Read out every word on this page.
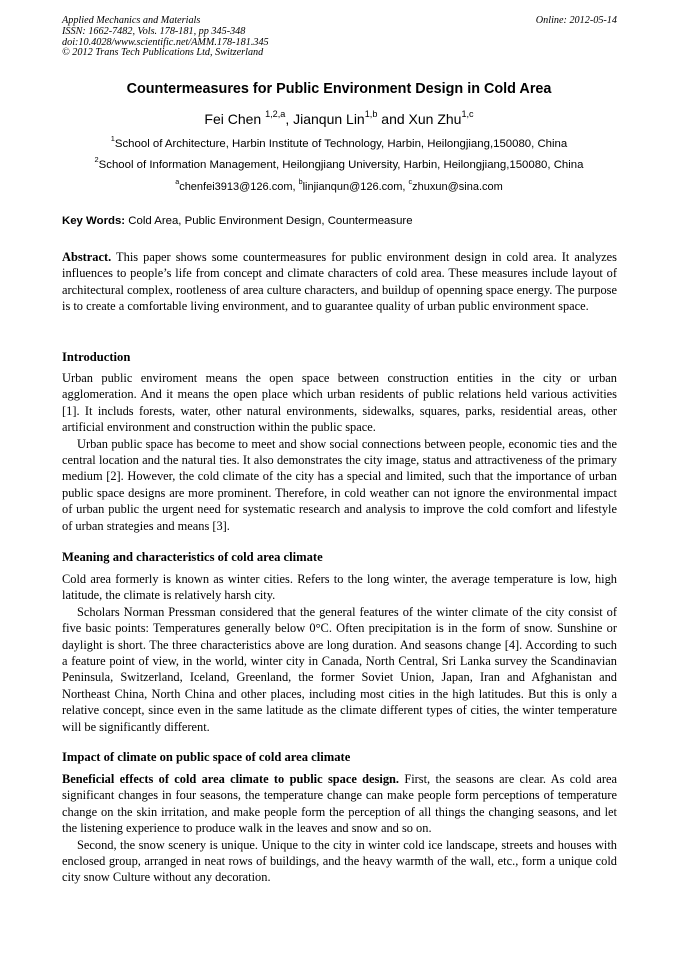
Applied Mechanics and Materials	Online: 2012-05-14
ISSN: 1662-7482, Vols. 178-181, pp 345-348
doi:10.4028/www.scientific.net/AMM.178-181.345
© 2012 Trans Tech Publications Ltd, Switzerland
Countermeasures for Public Environment Design in Cold Area
Fei Chen $^{1,2,a}$, Jianqun Lin$^{1,b}$ and Xun Zhu$^{1,c}$
$^1$School of Architecture, Harbin Institute of Technology, Harbin, Heilongjiang,150080, China
$^2$School of Information Management, Heilongjiang University, Harbin, Heilongjiang,150080, China
$^a$chenfei3913@126.com, $^b$linjianqun@126.com, $^c$zhuxun@sina.com
Key Words: Cold Area, Public Environment Design, Countermeasure

Abstract. This paper shows some countermeasures for public environment design in cold area. It analyzes influences to people’s life from concept and climate characters of cold area. These measures include layout of architectural complex, rootleness of area culture characters, and buildup of openning space energy. The purpose is to create a comfortable living environment, and to guarantee quality of urban public environment space.

Introduction

Urban public enviroment means the open space between construction entities in the city or urban agglomeration. And it means the open place which urban residents of public relations held various activities [1]. It includs forests, water, other natural environments, sidewalks, squares, parks, residential areas, other artificial environment and construction within the public space.

Urban public space has become to meet and show social connections between people, economic ties and the central location and the natural ties. It also demonstrates the city image, status and attractiveness of the primary medium [2]. However, the cold climate of the city has a special and limited, such that the importance of urban public space designs are more prominent. Therefore, in cold weather can not ignore the environmental impact of urban public the urgent need for systematic research and analysis to improve the cold comfort and lifestyle of urban strategies and means [3].

Meaning and characteristics of cold area climate

Cold area formerly is known as winter cities. Refers to the long winter, the average temperature is low, high latitude, the climate is relatively harsh city.

Scholars Norman Pressman considered that the general features of the winter climate of the city consist of five basic points: Temperatures generally below 0°C. Often precipitation is in the form of snow. Sunshine or daylight is short. The three characteristics above are long duration. And seasons change [4]. According to such a feature point of view, in the world, winter city in Canada, North Central, Sri Lanka survey the Scandinavian Peninsula, Switzerland, Iceland, Greenland, the former Soviet Union, Japan, Iran and Afghanistan and Northeast China, North China and other places, including most cities in the high latitudes. But this is only a relative concept, since even in the same latitude as the climate different types of cities, the winter temperature will be significantly different.

Impact of climate on public space of cold area climate

Beneficial effects of cold area climate to public space design. First, the seasons are clear. As cold area significant changes in four seasons, the temperature change can make people form perceptions of temperature change on the skin irritation, and make people form the perception of all things the changing seasons, and let the listening experience to produce walk in the leaves and snow and so on.

Second, the snow scenery is unique. Unique to the city in winter cold ice landscape, streets and houses with enclosed group, arranged in neat rows of buildings, and the heavy warmth of the wall, etc., form a unique cold city snow Culture without any decoration.
